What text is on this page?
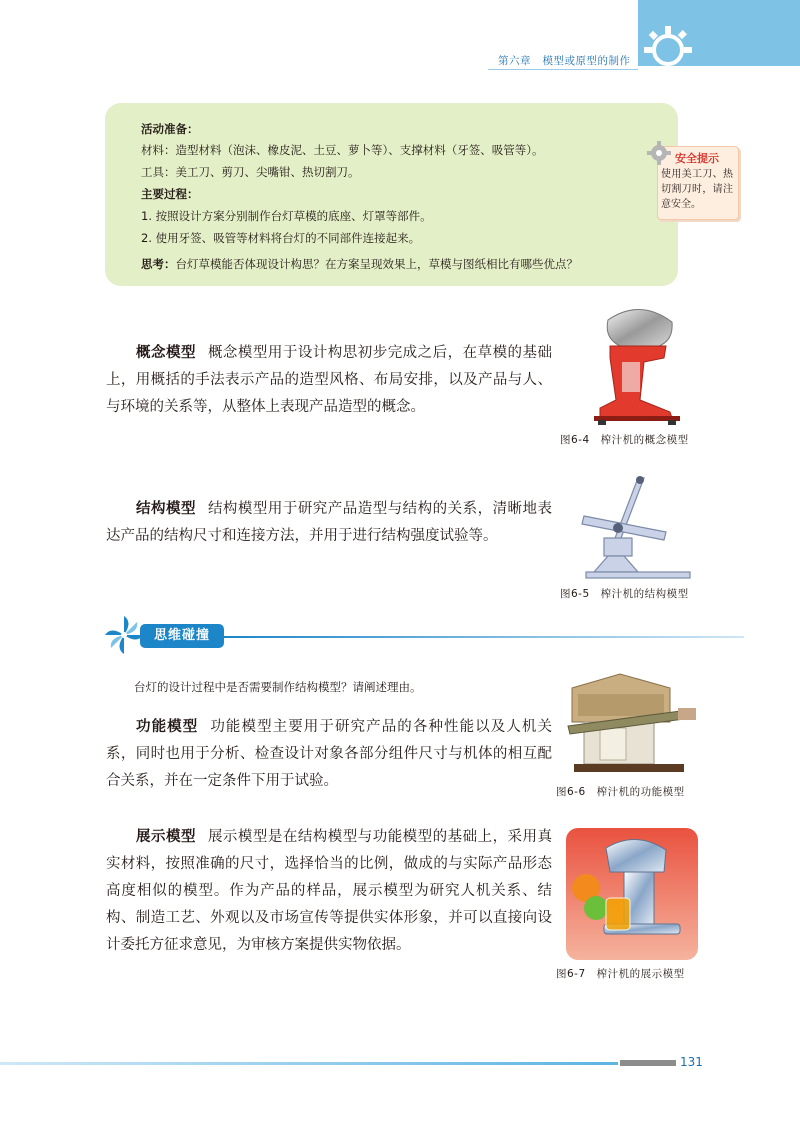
第六章 模型或原型的制作
活动准备：
材料：造型材料（泡沫、橡皮泥、土豆、萝卜等）、支撑材料（牙签、吸管等）。
工具：美工刀、剪刀、尖嘴钳、热切割刀。
主要过程：
1. 按照设计方案分别制作台灯草模的底座、灯罩等部件。
2. 使用牙签、吸管等材料将台灯的不同部件连接起来。
思考：台灯草模能否体现设计构思？在方案呈现效果上，草模与图纸相比有哪些优点？
安全提示
使用美工刀、热切割刀时，请注意安全。
概念模型 概念模型用于设计构思初步完成之后，在草模的基础上，用概括的手法表示产品的造型风格、布局安排，以及产品与人、与环境的关系等，从整体上表现产品造型的概念。
图6-4　榨汁机的概念模型
结构模型 结构模型用于研究产品造型与结构的关系，清晰地表达产品的结构尺寸和连接方法，并用于进行结构强度试验等。
图6-5　榨汁机的结构模型
思维碰撞
台灯的设计过程中是否需要制作结构模型？请阐述理由。
功能模型 功能模型主要用于研究产品的各种性能以及人机关系，同时也用于分析、检查设计对象各部分组件尺寸与机体的相互配合关系，并在一定条件下用于试验。
图6-6　榨汁机的功能模型
展示模型 展示模型是在结构模型与功能模型的基础上，采用真实材料，按照准确的尺寸，选择恰当的比例，做成的与实际产品形态高度相似的模型。作为产品的样品，展示模型为研究人机关系、结构、制造工艺、外观以及市场宣传等提供实体形象，并可以直接向设计委托方征求意见，为审核方案提供实物依据。
图6-7　榨汁机的展示模型
131
